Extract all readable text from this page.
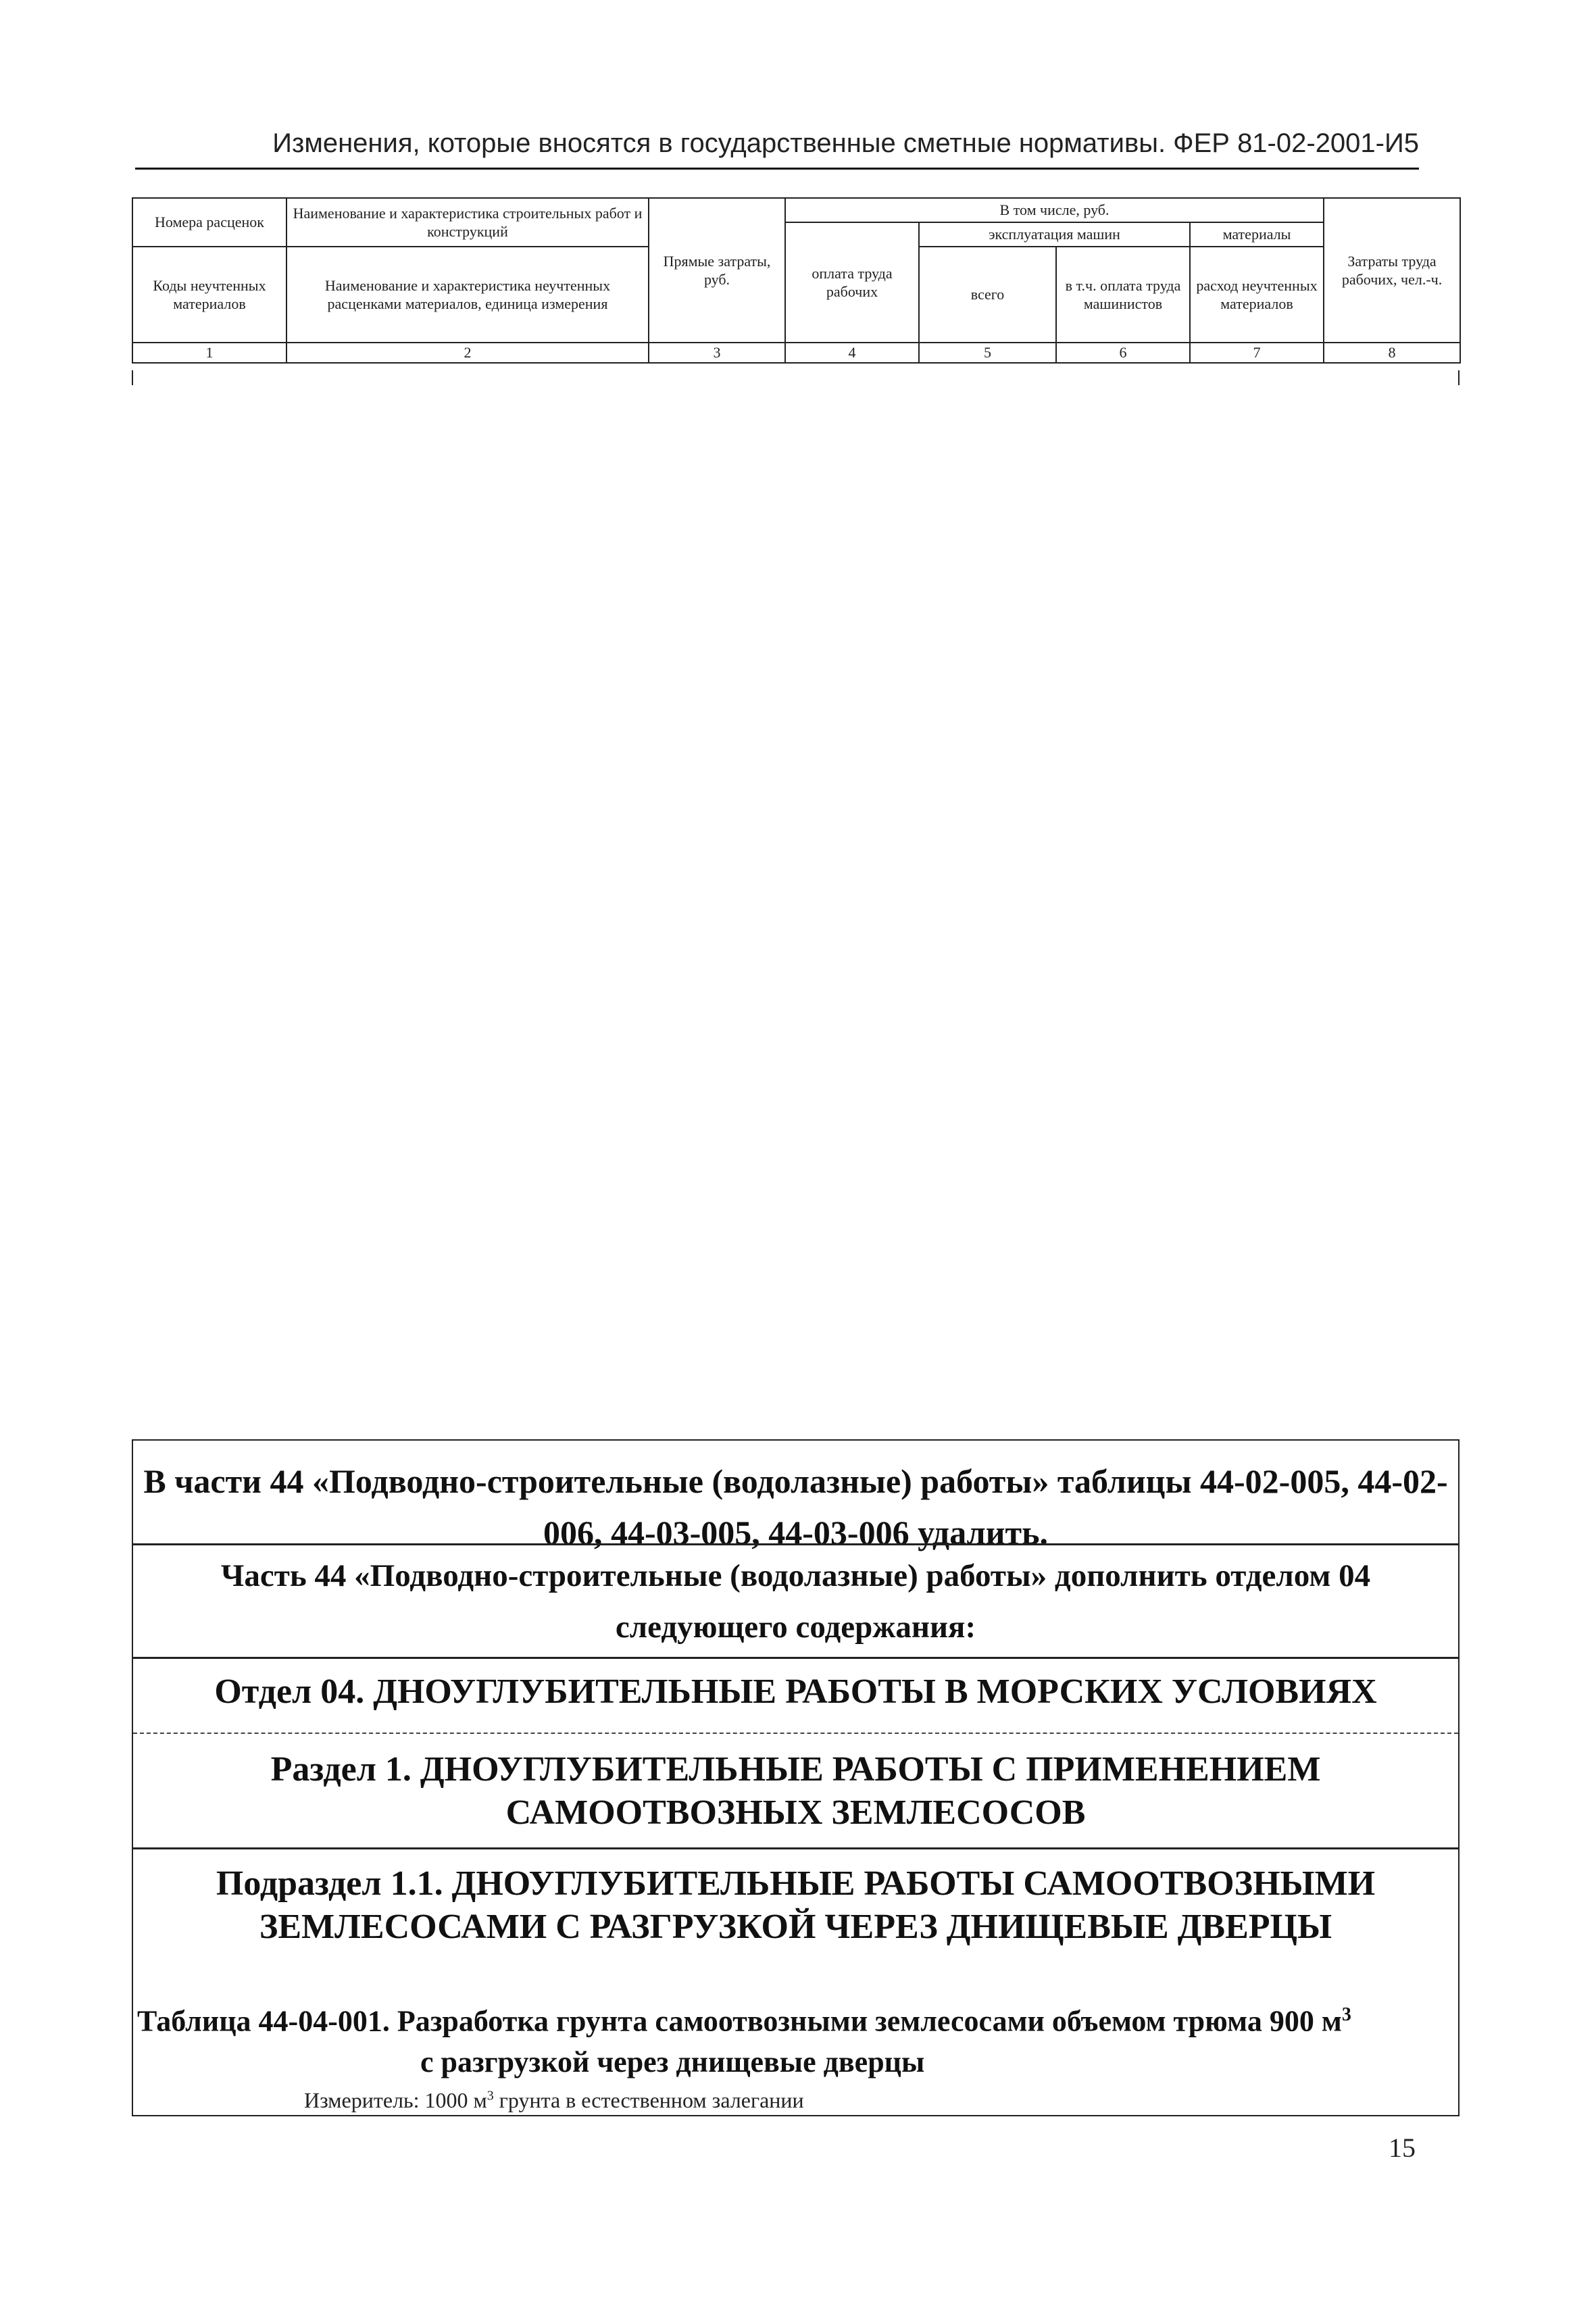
Изменения, которые вносятся в государственные сметные нормативы. ФЕР 81-02-2001-И5
Номера расценок	Наименование и характеристика строительных работ и конструкций	Прямые затраты, руб.	В том числе, руб.				Затраты труда рабочих, чел.-ч.
			оплата труда рабочих	эксплуатация машин		материалы	
Коды неучтенных материалов	Наименование и характеристика неучтенных расценками материалов, единица измерения			всего	в т.ч. оплата труда машинистов	расход неучтенных материалов	

1	2	3	4	5	6	7	8
В части 44 «Подводно-строительные (водолазные) работы» таблицы 44-02-005, 44-02-006, 44-03-005, 44-03-006 удалить.
Часть 44 «Подводно-строительные (водолазные) работы» дополнить отделом 04 следующего содержания:
Отдел 04. ДНОУГЛУБИТЕЛЬНЫЕ РАБОТЫ В МОРСКИХ УСЛОВИЯХ
Раздел 1. ДНОУГЛУБИТЕЛЬНЫЕ РАБОТЫ С ПРИМЕНЕНИЕМ САМООТВОЗНЫХ ЗЕМЛЕСОСОВ
Подраздел 1.1. ДНОУГЛУБИТЕЛЬНЫЕ РАБОТЫ САМООТВОЗНЫМИ ЗЕМЛЕСОСАМИ С РАЗГРУЗКОЙ ЧЕРЕЗ ДНИЩЕВЫЕ ДВЕРЦЫ
Таблица 44-04-001. Разработка грунта самоотвозными землесосами объемом трюма 900 $м^3$
с разгрузкой через днищевые дверцы
Измеритель: 1000 $м^3$ грунта в естественном залегании
15
